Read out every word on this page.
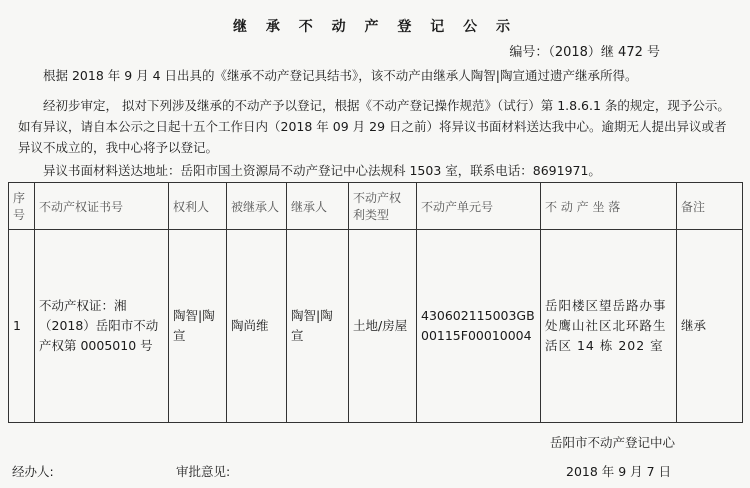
继 承 不 动 产 登 记 公 示
编号：（2018）继 472 号
根据 2018 年 9 月 4 日出具的《继承不动产登记具结书》，该不动产由继承人陶智|陶宣通过遗产继承所得。
经初步审定， 拟对下列涉及继承的不动产予以登记，根据《不动产登记操作规范》（试行）第 1.8.6.1 条的规定，现予公示。如有异议，请自本公示之日起十五个工作日内（2018 年 09 月 29 日之前）将异议书面材料送达我中心。逾期无人提出异议或者异议不成立的，我中心将予以登记。
异议书面材料送达地址：岳阳市国土资源局不动产登记中心法规科 1503 室，联系电话：8691971。
序号	不动产权证书号	权利人	被继承人	继承人	不动产权利类型	不动产单元号	不 动 产 坐 落	备注
1	不动产权证：湘（2018）岳阳市不动产权第 0005010 号	陶智|陶宣	陶尚维	陶智|陶宣	土地/房屋	430602115003GB00115F00010004	岳阳楼区望岳路办事处鹰山社区北环路生活区 14 栋 202 室	继承
岳阳市不动产登记中心
经办人:	审批意见:	2018 年 9 月 7 日
